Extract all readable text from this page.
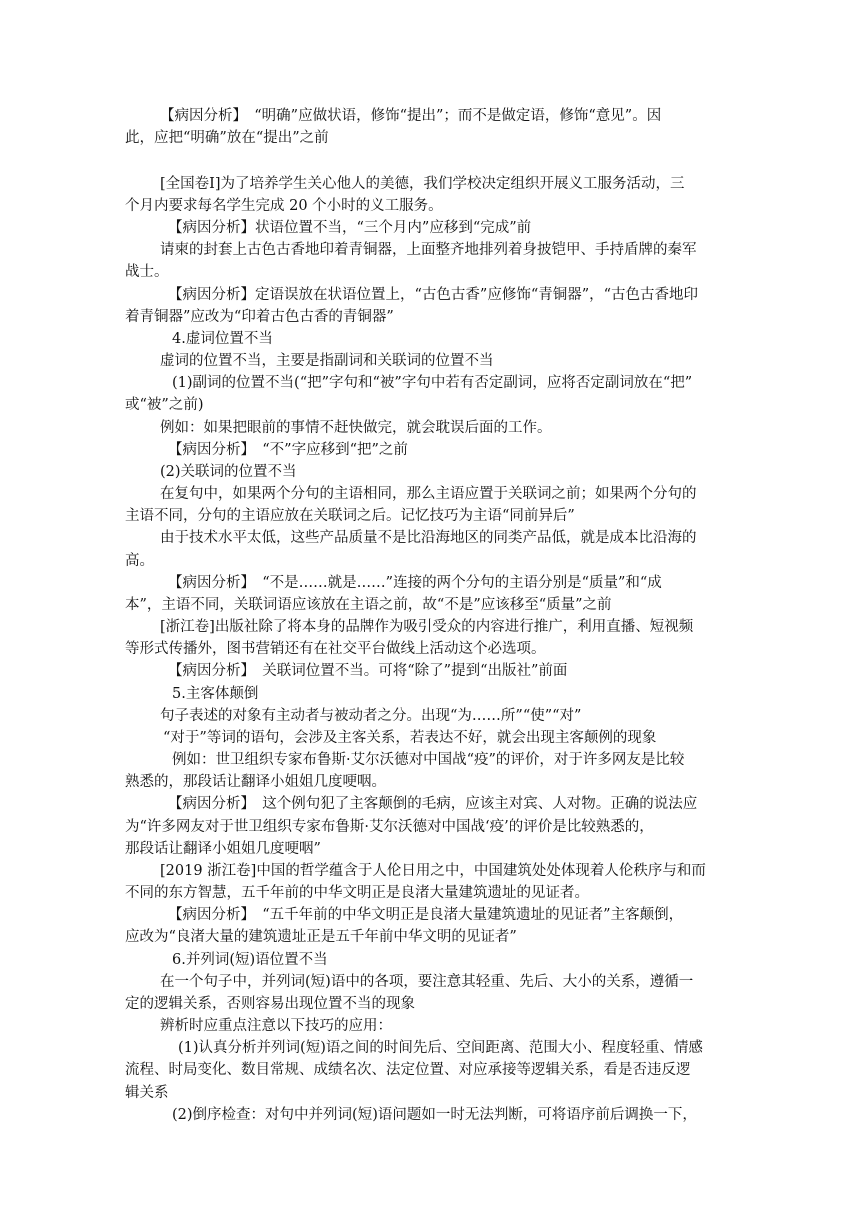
【病因分析】　“明确”应做状语，修饰“提出”；而不是做定语，修饰“意见”。因
此，应把“明确”放在“提出”之前
[全国卷Ⅰ]为了培养学生关心他人的美德，我们学校决定组织开展义工服务活动，三
个月内要求每名学生完成 20 个小时的义工服务。
【病因分析】状语位置不当，“三个月内”应移到“完成”前
请柬的封套上古色古香地印着青铜器，上面整齐地排列着身披铠甲、手持盾牌的秦军
战士。
【病因分析】定语误放在状语位置上，“古色古香”应修饰“青铜器”，“古色古香地印
着青铜器”应改为“印着古色古香的青铜器”
4.虚词位置不当
虚词的位置不当，主要是指副词和关联词的位置不当
(1)副词的位置不当(“把”字句和“被”字句中若有否定副词，应将否定副词放在“把”
或“被”之前)
例如：如果把眼前的事情不赶快做完，就会耽误后面的工作。
【病因分析】　“不”字应移到“把”之前
(2)关联词的位置不当
在复句中，如果两个分句的主语相同，那么主语应置于关联词之前；如果两个分句的
主语不同，分句的主语应放在关联词之后。记忆技巧为主语“同前异后”
由于技术水平太低，这些产品质量不是比沿海地区的同类产品低，就是成本比沿海的
高。
【病因分析】　“不是……就是……”连接的两个分句的主语分别是“质量”和“成
本”，主语不同，关联词语应该放在主语之前，故“不是”应该移至“质量”之前
[浙江卷]出版社除了将本身的品牌作为吸引受众的内容进行推广，利用直播、短视频
等形式传播外，图书营销还有在社交平台做线上活动这个必选项。
【病因分析】　关联词位置不当。可将“除了”提到“出版社”前面
5.主客体颠倒
句子表述的对象有主动者与被动者之分。出现“为……所”“使”“对”
“对于”等词的语句，会涉及主客关系，若表达不好，就会出现主客颠例的现象
例如：世卫组织专家布鲁斯·艾尔沃德对中国战“疫”的评价，对于许多网友是比较
熟悉的，那段话让翻译小姐姐几度哽咽。
【病因分析】　这个例句犯了主客颠倒的毛病，应该主对宾、人对物。正确的说法应
为“许多网友对于世卫组织专家布鲁斯·艾尔沃德对中国战‘疫’的评价是比较熟悉的，
那段话让翻译小姐姐几度哽咽”
[2019 浙江卷]中国的哲学蕴含于人伦日用之中，中国建筑处处体现着人伦秩序与和而
不同的东方智慧，五千年前的中华文明正是良渚大量建筑遗址的见证者。
【病因分析】　“五千年前的中华文明正是良渚大量建筑遗址的见证者”主客颠倒，
应改为“良渚大量的建筑遗址正是五千年前中华文明的见证者”
6.并列词(短)语位置不当
在一个句子中，并列词(短)语中的各项，要注意其轻重、先后、大小的关系，遵循一
定的逻辑关系，否则容易出现位置不当的现象
辨析时应重点注意以下技巧的应用：
(1)认真分析并列词(短)语之间的时间先后、空间距离、范围大小、程度轻重、情感
流程、时局变化、数目常规、成绩名次、法定位置、对应承接等逻辑关系，看是否违反逻
辑关系
(2)倒序检查：对句中并列词(短)语问题如一时无法判断，可将语序前后调换一下，
